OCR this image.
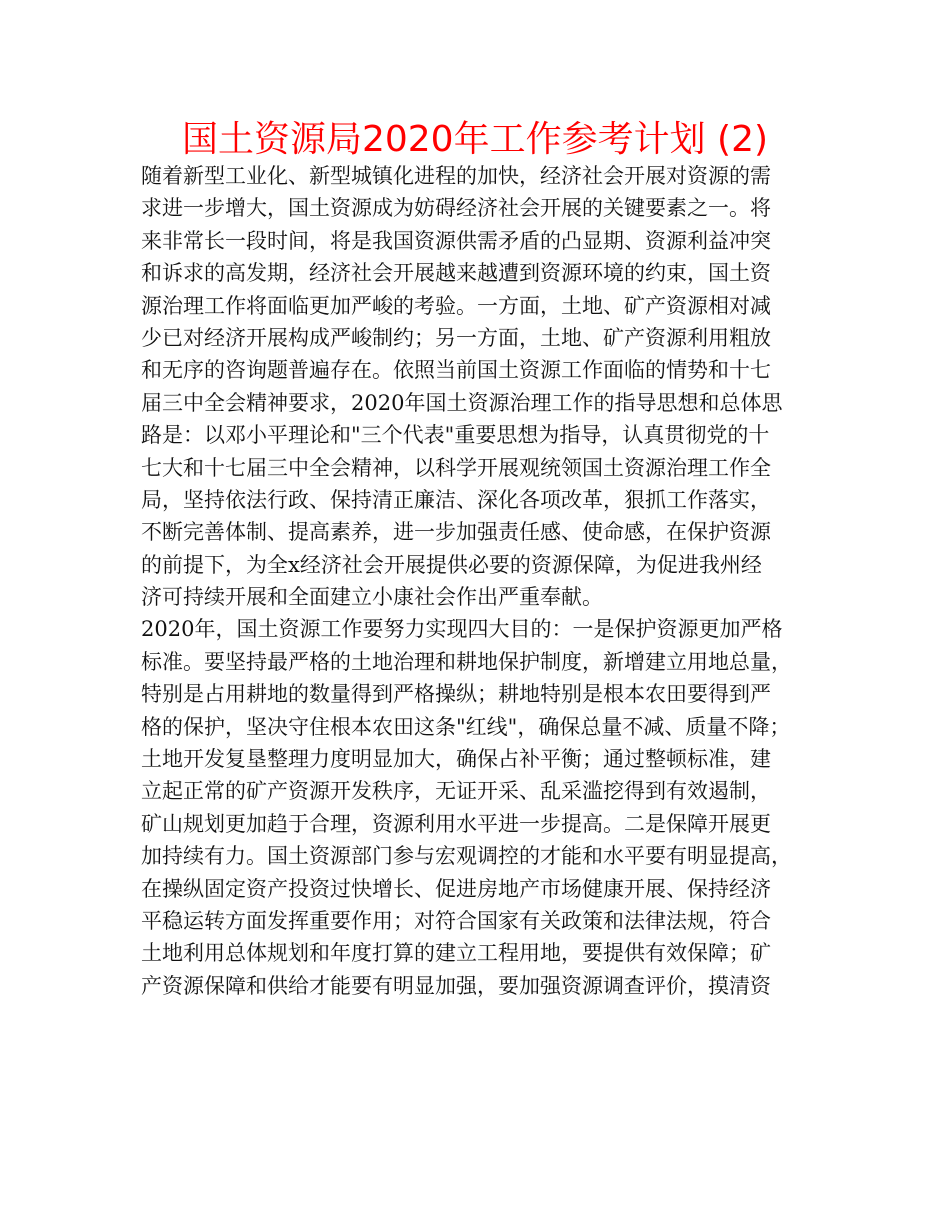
国土资源局2020年工作参考计划 (2)
随着新型工业化、新型城镇化进程的加快，经济社会开展对资源的需
求进一步增大，国土资源成为妨碍经济社会开展的关键要素之一。将
来非常长一段时间，将是我国资源供需矛盾的凸显期、资源利益冲突
和诉求的高发期，经济社会开展越来越遭到资源环境的约束，国土资
源治理工作将面临更加严峻的考验。一方面，土地、矿产资源相对减
少已对经济开展构成严峻制约；另一方面，土地、矿产资源利用粗放
和无序的咨询题普遍存在。依照当前国土资源工作面临的情势和十七
届三中全会精神要求，2020年国土资源治理工作的指导思想和总体思
路是：以邓小平理论和"三个代表"重要思想为指导，认真贯彻党的十
七大和十七届三中全会精神，以科学开展观统领国土资源治理工作全
局，坚持依法行政、保持清正廉洁、深化各项改革，狠抓工作落实，
不断完善体制、提高素养，进一步加强责任感、使命感，在保护资源
的前提下，为全x经济社会开展提供必要的资源保障，为促进我州经
济可持续开展和全面建立小康社会作出严重奉献。
2020年，国土资源工作要努力实现四大目的：一是保护资源更加严格
标准。要坚持最严格的土地治理和耕地保护制度，新增建立用地总量，
特别是占用耕地的数量得到严格操纵；耕地特别是根本农田要得到严
格的保护，坚决守住根本农田这条"红线"，确保总量不减、质量不降；
土地开发复垦整理力度明显加大，确保占补平衡；通过整顿标准，建
立起正常的矿产资源开发秩序，无证开采、乱采滥挖得到有效遏制，
矿山规划更加趋于合理，资源利用水平进一步提高。二是保障开展更
加持续有力。国土资源部门参与宏观调控的才能和水平要有明显提高，
在操纵固定资产投资过快增长、促进房地产市场健康开展、保持经济
平稳运转方面发挥重要作用；对符合国家有关政策和法律法规，符合
土地利用总体规划和年度打算的建立工程用地，要提供有效保障；矿
产资源保障和供给才能要有明显加强，要加强资源调查评价，摸清资
